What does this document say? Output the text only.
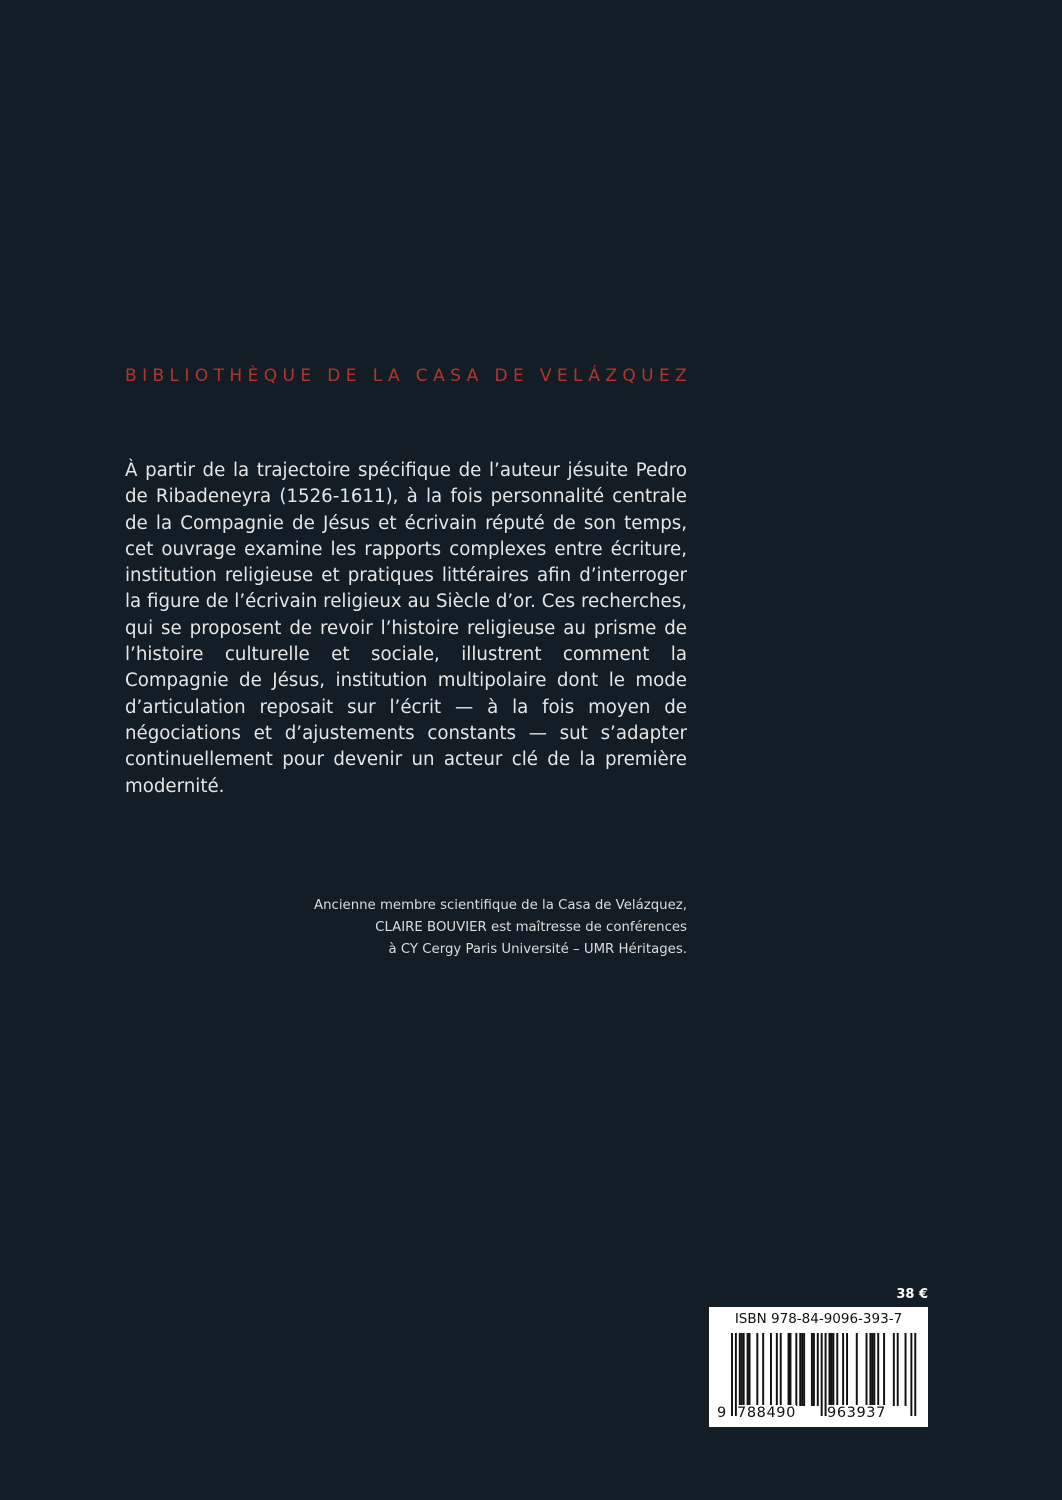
BIBLIOTHÈQUE DE LA CASA DE VELÁZQUEZ
À partir de la trajectoire spécifique de l’auteur jésuite Pedro de Ribadeneyra (1526-1611), à la fois personnalité centrale de la Compagnie de Jésus et écrivain réputé de son temps, cet ouvrage examine les rapports complexes entre écriture, institution religieuse et pratiques littéraires afin d’interroger la figure de l’écrivain religieux au Siècle d’or. Ces recherches, qui se proposent de revoir l’histoire religieuse au prisme de l’histoire culturelle et sociale, illustrent comment la Compagnie de Jésus, institution multipolaire dont le mode d’articulation reposait sur l’écrit — à la fois moyen de négociations et d’ajustements constants — sut s’adapter continuellement pour devenir un acteur clé de la première modernité.
Ancienne membre scientifique de la Casa de Velázquez,
CLAIRE BOUVIER est maîtresse de conférences
à CY Cergy Paris Université – UMR Héritages.
38 €
ISBN 978-84-9096-393-7
9 788490 963937
